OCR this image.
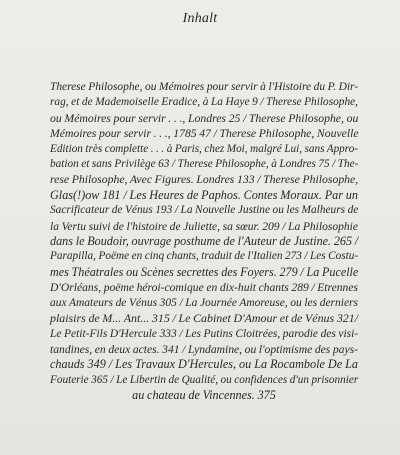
Inhalt
Therese Philosophe, ou Mémoires pour servir à l'Histoire du P. Dir-
rag, et de Mademoiselle Eradice, à La Haye 9 / Therese Philosophe,
ou Mémoires pour servir . . ., Londres 25 / Therese Philosophe, ou
Mémoires pour servir . . ., 1785 47 / Therese Philosophe, Nouvelle
Edition très complette . . . à Paris, chez Moi, malgré Lui, sans Appro-
bation et sans Privilège 63 / Therese Philosophe, à Londres 75 / The-
rese Philosophe, Avec Figures. Londres 133 / Therese Philosophe,
Glas(!)ow 181 / Les Heures de Paphos. Contes Moraux. Par un
Sacrificateur de Vénus 193 / La Nouvelle Justine ou les Malheurs de
la Vertu suivi de l'histoire de Juliette, sa sœur. 209 / La Philosophie
dans le Boudoir, ouvrage posthume de l'Auteur de Justine. 265 /
Parapilla, Poëme en cinq chants, traduit de l'Italien 273 / Les Costu-
mes Théatrales ou Scènes secrettes des Foyers. 279 / La Pucelle
D'Orléans, poëme héroi-comique en dix-huit chants 289 / Etrennes
aux Amateurs de Vénus 305 / La Journée Amoreuse, ou les derniers
plaisirs de M... Ant... 315 / Le Cabinet D'Amour et de Vénus 321/
Le Petit-Fils D'Hercule 333 / Les Putins Cloitrées, parodie des visi-
tandines, en deux actes. 341 / Lyndamine, ou l'optimisme des pays-
chauds 349 / Les Travaux D'Hercules, ou La Rocambole De La
Fouterie 365 / Le Libertin de Qualité, ou confidences d'un prisonnier
au chateau de Vincennes. 375
